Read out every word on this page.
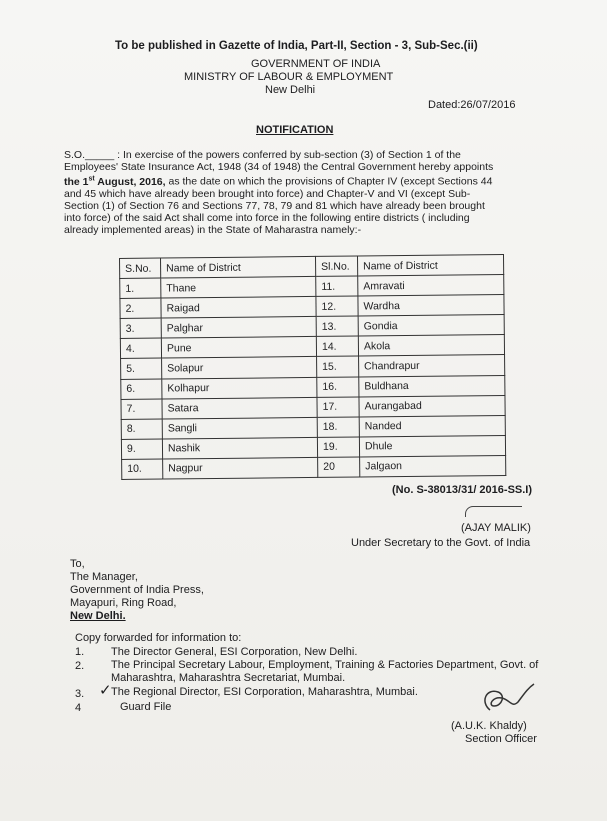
To be published in Gazette of India, Part-II, Section - 3, Sub-Sec.(ii)
GOVERNMENT OF INDIA
MINISTRY OF LABOUR & EMPLOYMENT
New Delhi
Dated:26/07/2016
NOTIFICATION
S.O._____ : In exercise of the powers conferred by sub-section (3) of Section 1 of the
Employees' State Insurance Act, 1948 (34 of 1948) the Central Government hereby appoints
the 1st August, 2016, as the date on which the provisions of Chapter IV (except Sections 44
and 45 which have already been brought into force) and Chapter-V and VI (except Sub-
Section (1) of Section 76 and Sections 77, 78, 79 and 81 which have already been brought
into force) of the said Act shall come into force in the following entire districts ( including
already implemented areas) in the State of Maharastra namely:-
S.No.	Name of District	Sl.No.	Name of District
1.	Thane	11.	Amravati
2.	Raigad	12.	Wardha
3.	Palghar	13.	Gondia
4.	Pune	14.	Akola
5.	Solapur	15.	Chandrapur
6.	Kolhapur	16.	Buldhana
7.	Satara	17.	Aurangabad
8.	Sangli	18.	Nanded
9.	Nashik	19.	Dhule
10.	Nagpur	20	Jalgaon
(No. S-38013/31/ 2016-SS.I)
(AJAY MALIK)
Under Secretary to the Govt. of India
To,
The Manager,
Government of India Press,
Mayapuri, Ring Road,
New Delhi.
Copy forwarded for information to:
1. The Director General, ESI Corporation, New Delhi.
2. The Principal Secretary Labour, Employment, Training & Factories Department, Govt. of
Maharashtra, Maharashtra Secretariat, Mumbai.
3. ✓ The Regional Director, ESI Corporation, Maharashtra, Mumbai.
4	Guard File
(A.U.K. Khaldy)
Section Officer
